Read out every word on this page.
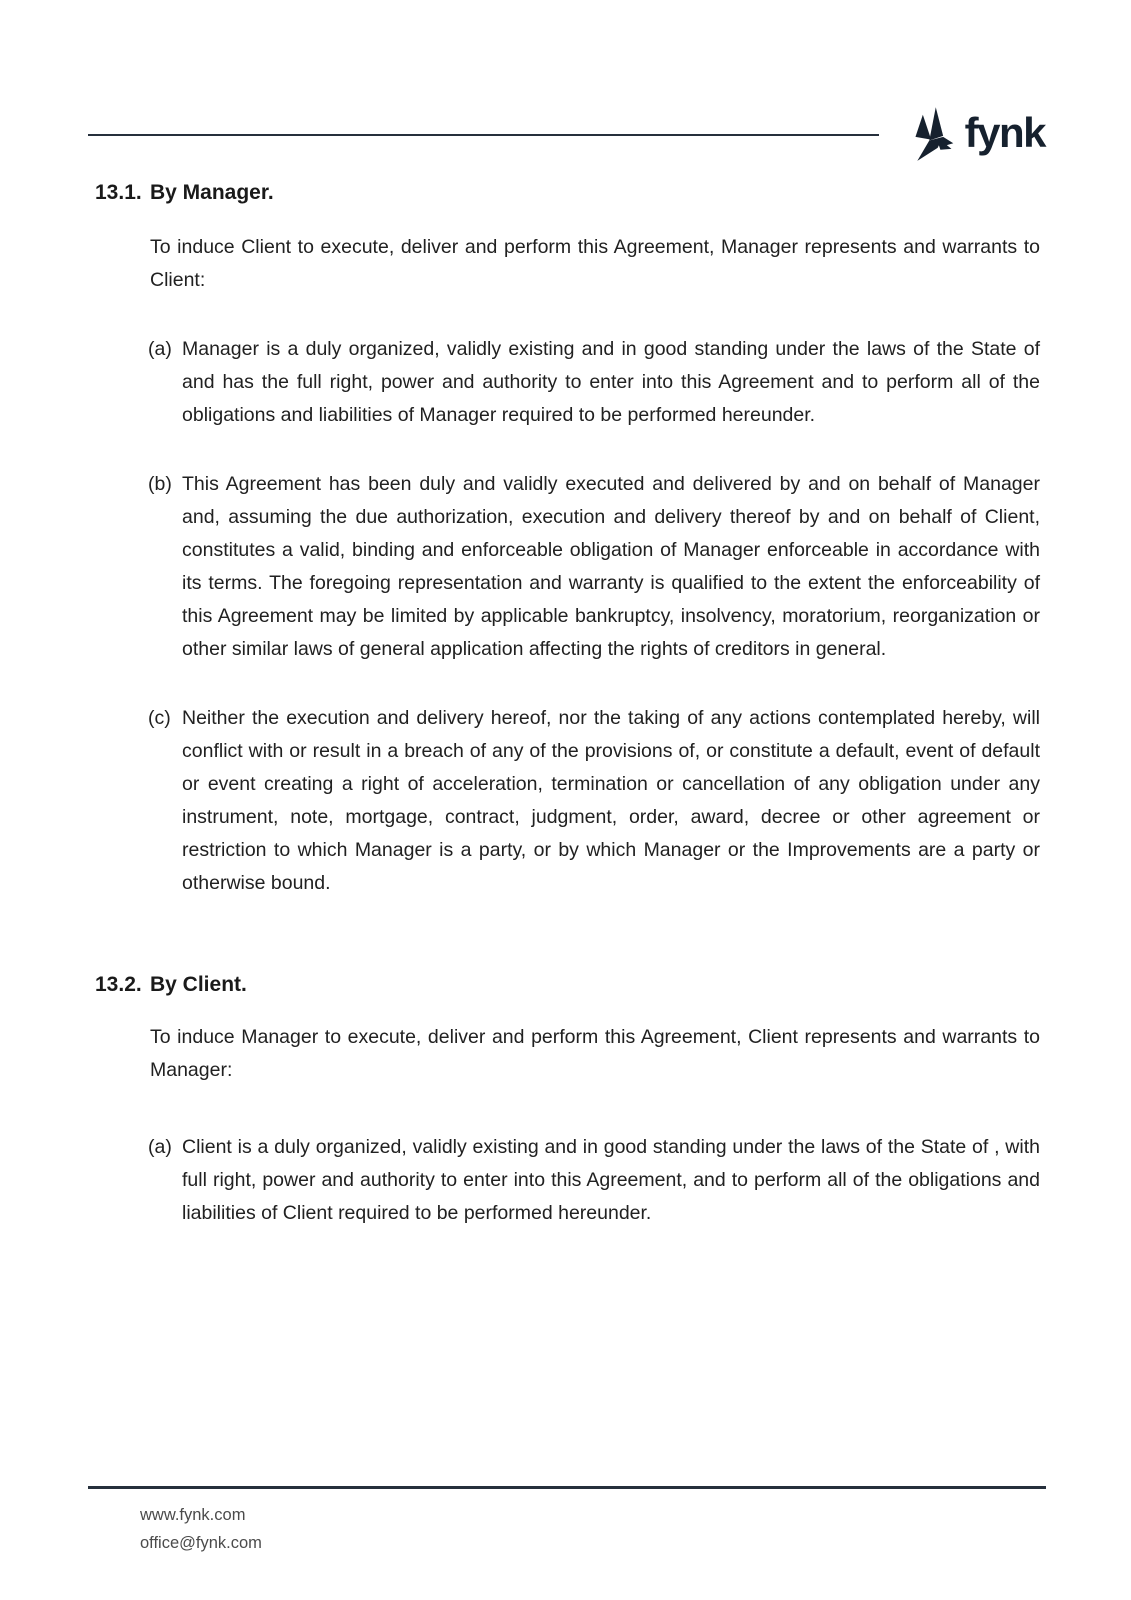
fynk
13.1. By Manager.

To induce Client to execute, deliver and perform this Agreement, Manager represents and warrants to Client:

(a) Manager is a duly organized, validly existing and in good standing under the laws of the State of and has the full right, power and authority to enter into this Agreement and to perform all of the obligations and liabilities of Manager required to be performed hereunder.
(b) This Agreement has been duly and validly executed and delivered by and on behalf of Manager and, assuming the due authorization, execution and delivery thereof by and on behalf of Client, constitutes a valid, binding and enforceable obligation of Manager enforceable in accordance with its terms. The foregoing representation and warranty is qualified to the extent the enforceability of this Agreement may be limited by applicable bankruptcy, insolvency, moratorium, reorganization or other similar laws of general application affecting the rights of creditors in general.
(c) Neither the execution and delivery hereof, nor the taking of any actions contemplated hereby, will conflict with or result in a breach of any of the provisions of, or constitute a default, event of default or event creating a right of acceleration, termination or cancellation of any obligation under any instrument, note, mortgage, contract, judgment, order, award, decree or other agreement or restriction to which Manager is a party, or by which Manager or the Improvements are a party or otherwise bound.
13.2. By Client.

To induce Manager to execute, deliver and perform this Agreement, Client represents and warrants to Manager:

(a) Client is a duly organized, validly existing and in good standing under the laws of the State of , with full right, power and authority to enter into this Agreement, and to perform all of the obligations and liabilities of Client required to be performed hereunder.
www.fynk.com
office@fynk.com
